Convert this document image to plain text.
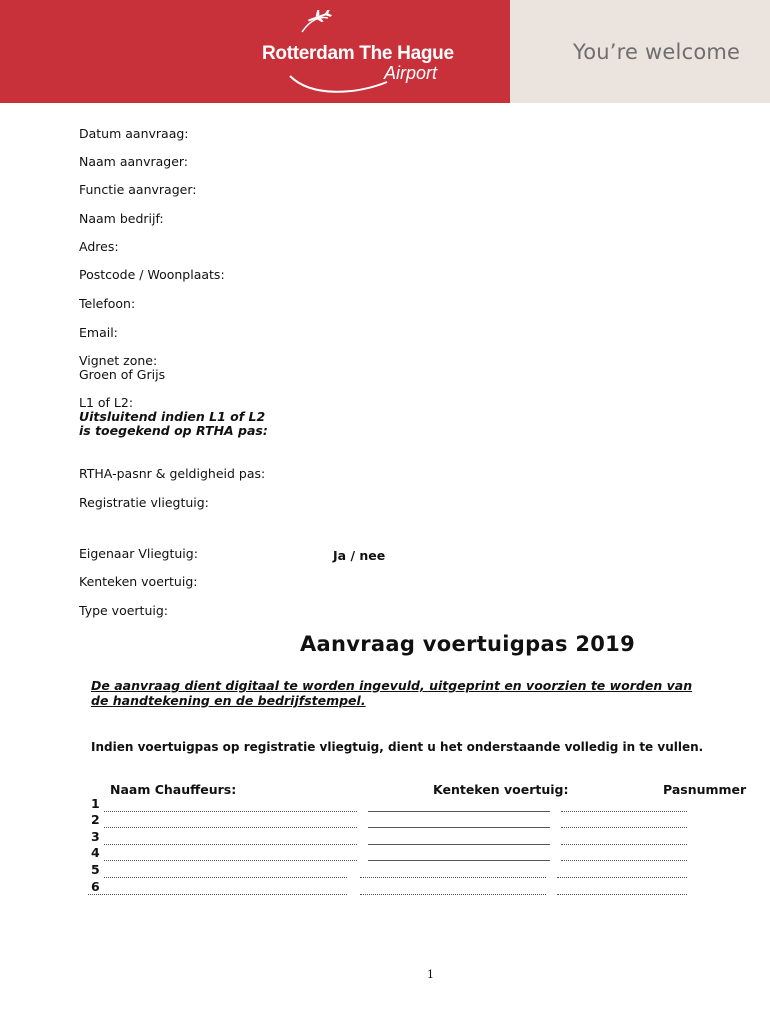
Rotterdam The Hague
Airport
You’re welcome
Datum aanvraag:
Naam aanvrager:
Functie aanvrager:
Naam bedrijf:
Adres:
Postcode / Woonplaats:
Telefoon:
Email:
Vignet zone:
Groen of Grijs
L1 of L2:
Uitsluitend indien L1 of L2
is toegekend op RTHA pas:
RTHA-pasnr & geldigheid pas:
Registratie vliegtuig:
Eigenaar Vliegtuig:	Ja / nee
Kenteken voertuig:
Type voertuig:
Aanvraag voertuigpas 2019
De aanvraag dient digitaal te worden ingevuld, uitgeprint en voorzien te worden van
de handtekening en de bedrijfstempel.
Indien voertuigpas op registratie vliegtuig, dient u het onderstaande volledig in te vullen.
Naam Chauffeurs:	Kenteken voertuig:	Pasnummer
1
2
3
4
5
6
1
